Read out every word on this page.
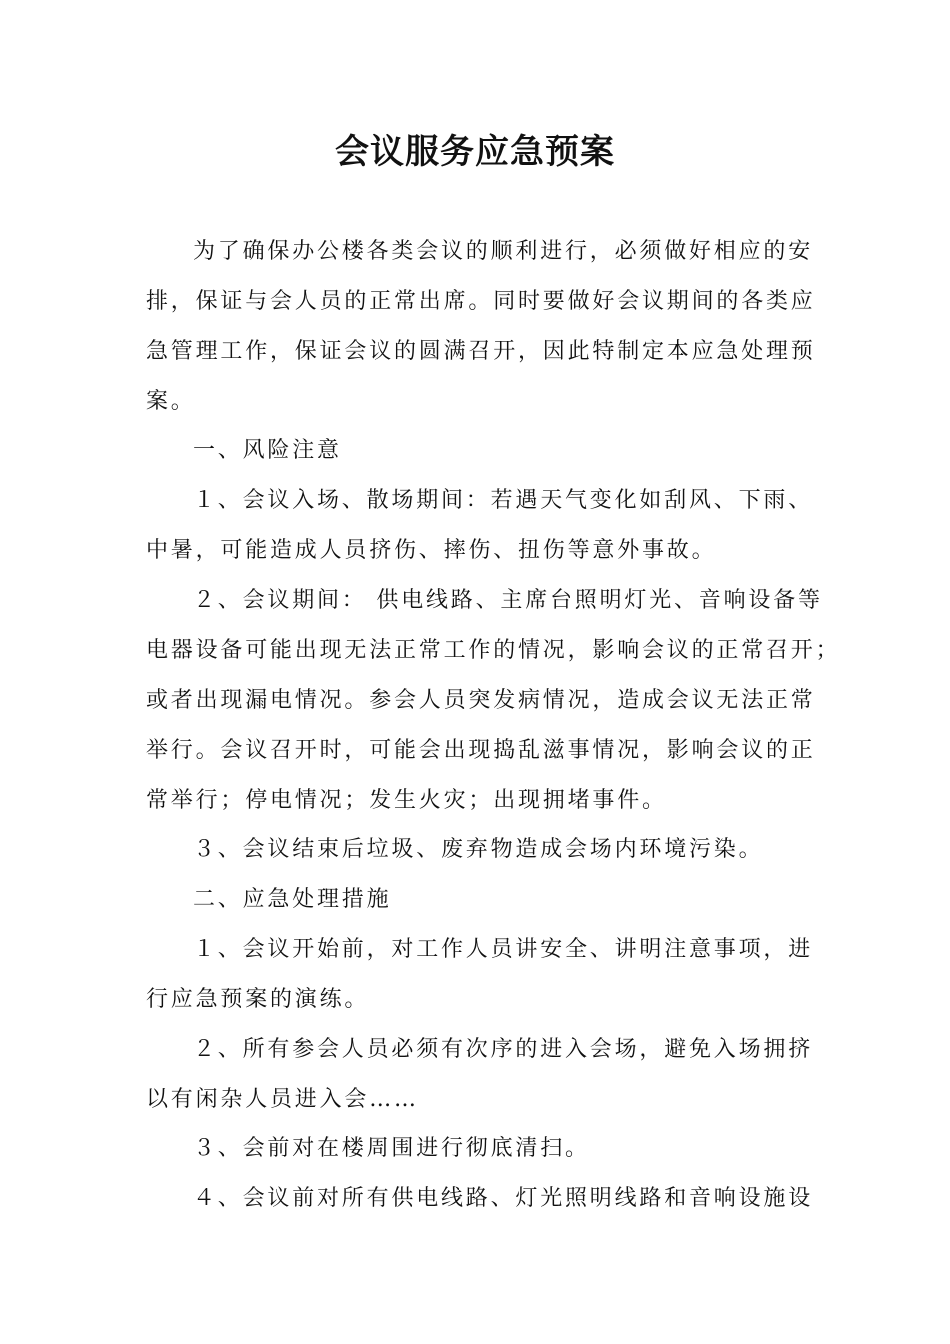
会议服务应急预案

为了确保办公楼各类会议的顺利进行，必须做好相应的安

排，保证与会人员的正常出席。同时要做好会议期间的各类应

急管理工作，保证会议的圆满召开，因此特制定本应急处理预

案。

一、风险注意

１、会议入场、散场期间：若遇天气变化如刮风、下雨、

中暑，可能造成人员挤伤、摔伤、扭伤等意外事故。

２、会议期间： 供电线路、主席台照明灯光、音响设备等

电器设备可能出现无法正常工作的情况，影响会议的正常召开；

或者出现漏电情况。参会人员突发病情况，造成会议无法正常

举行。会议召开时，可能会出现捣乱滋事情况，影响会议的正

常举行；停电情况；发生火灾；出现拥堵事件。

３、会议结束后垃圾、废弃物造成会场内环境污染。

二、应急处理措施

１、会议开始前，对工作人员讲安全、讲明注意事项，进

行应急预案的演练。

２、所有参会人员必须有次序的进入会场，避免入场拥挤

以有闲杂人员进入会……

３、会前对在楼周围进行彻底清扫。

４、会议前对所有供电线路、灯光照明线路和音响设施设
